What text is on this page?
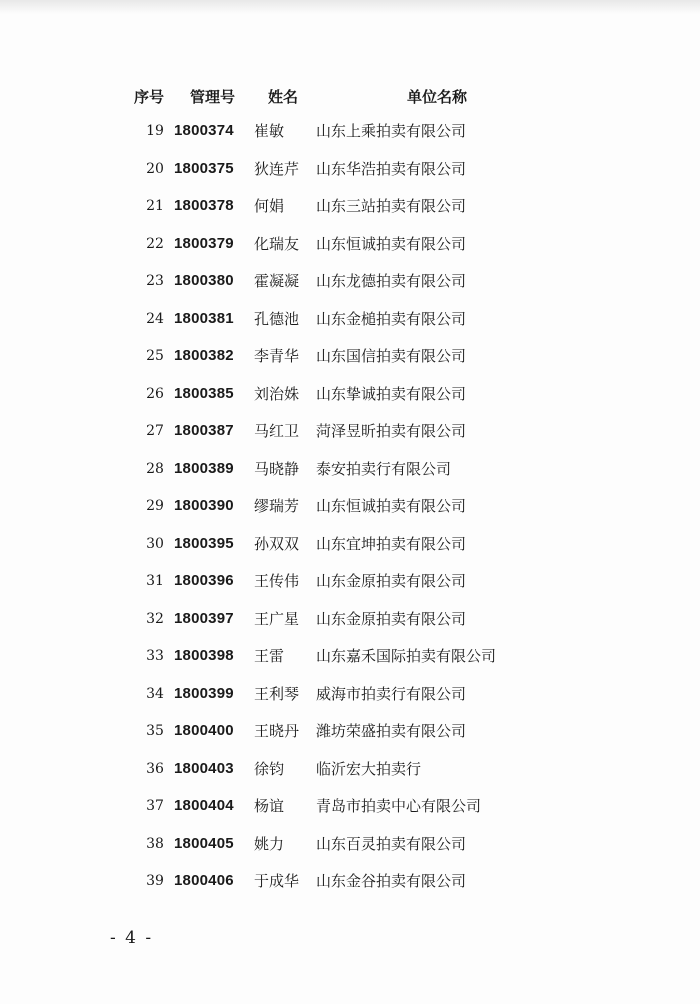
序号 管理号 姓名	单位名称
19 1800374 崔敏 山东上乘拍卖有限公司
20 1800375 狄连芹 山东华浩拍卖有限公司
21 1800378 何娟 山东三站拍卖有限公司
22 1800379 化瑞友 山东恒诚拍卖有限公司
23 1800380 霍凝凝 山东龙德拍卖有限公司
24 1800381 孔德池 山东金槌拍卖有限公司
25 1800382 李青华 山东国信拍卖有限公司
26 1800385 刘治姝 山东挚诚拍卖有限公司
27 1800387 马红卫 菏泽昱昕拍卖有限公司
28 1800389 马晓静 泰安拍卖行有限公司
29 1800390 缪瑞芳 山东恒诚拍卖有限公司
30 1800395 孙双双 山东宜坤拍卖有限公司
31 1800396 王传伟 山东金原拍卖有限公司
32 1800397 王广星 山东金原拍卖有限公司
33 1800398 王雷 山东嘉禾国际拍卖有限公司
34 1800399 王利琴 威海市拍卖行有限公司
35 1800400 王晓丹 潍坊荣盛拍卖有限公司
36 1800403 徐钧 临沂宏大拍卖行
37 1800404 杨谊 青岛市拍卖中心有限公司
38 1800405 姚力 山东百灵拍卖有限公司
39 1800406 于成华 山东金谷拍卖有限公司
- 4 -
